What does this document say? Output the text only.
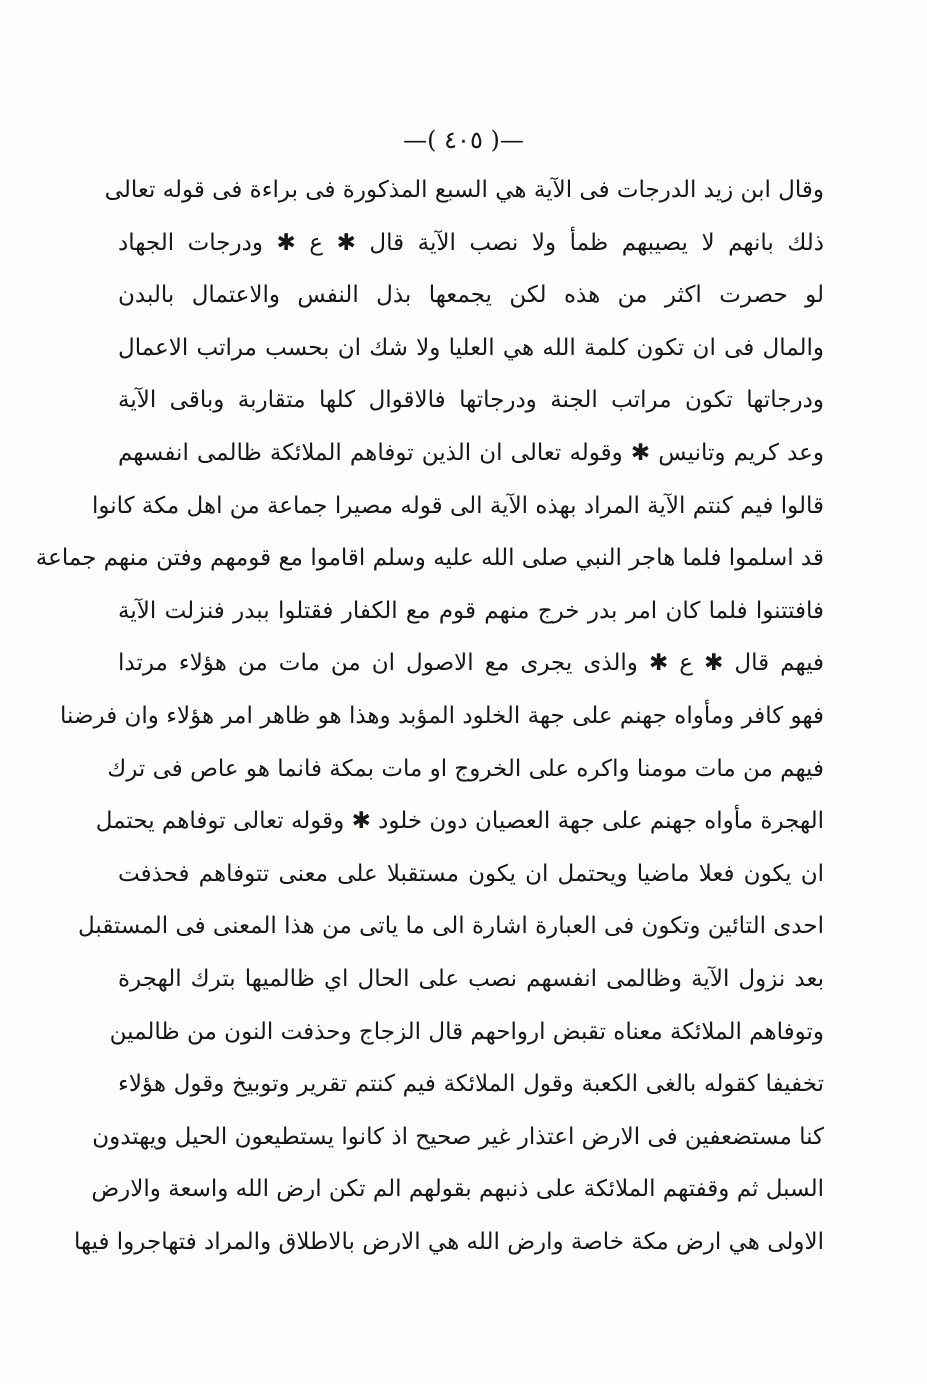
—( ٤٠٥ )—
وقال ابن زيد الدرجات فى الآية هي السبع المذكورة فى براءة فى قوله تعالى
ذلك بانهم لا يصيبهم ظمأ ولا نصب الآية قال ✱ ع ✱ ودرجات الجهاد
لو حصرت اكثر من هذه لكن يجمعها بذل النفس والاعتمال بالبدن
والمال فى ان تكون كلمة الله هي العليا ولا شك ان بحسب مراتب الاعمال
ودرجاتها تكون مراتب الجنة ودرجاتها فالاقوال كلها متقاربة وباقى الآية
وعد كريم وتانيس ✱ وقوله تعالى ان الذين توفاهم الملائكة ظالمى انفسهم
قالوا فيم كنتم الآية المراد بهذه الآية الى قوله مصيرا جماعة من اهل مكة كانوا
قد اسلموا فلما هاجر النبي صلى الله عليه وسلم اقاموا مع قومهم وفتن منهم جماعة
فافتتنوا فلما كان امر بدر خرج منهم قوم مع الكفار فقتلوا ببدر فنزلت الآية
فيهم قال ✱ ع ✱ والذى يجرى مع الاصول ان من مات من هؤلاء مرتدا
فهو كافر ومأواه جهنم على جهة الخلود المؤبد وهذا هو ظاهر امر هؤلاء وان فرضنا
فيهم من مات مومنا واكره على الخروج او مات بمكة فانما هو عاص فى ترك
الهجرة مأواه جهنم على جهة العصيان دون خلود ✱ وقوله تعالى توفاهم يحتمل
ان يكون فعلا ماضيا ويحتمل ان يكون مستقبلا على معنى تتوفاهم فحذفت
احدى التائين وتكون فى العبارة اشارة الى ما ياتى من هذا المعنى فى المستقبل
بعد نزول الآية وظالمى انفسهم نصب على الحال اي ظالميها بترك الهجرة
وتوفاهم الملائكة معناه تقبض ارواحهم قال الزجاج وحذفت النون من ظالمين
تخفيفا كقوله بالغى الكعبة وقول الملائكة فيم كنتم تقرير وتوبيخ وقول هؤلاء
كنا مستضعفين فى الارض اعتذار غير صحيح اذ كانوا يستطيعون الحيل ويهتدون
السبل ثم وقفتهم الملائكة على ذنبهم بقولهم الم تكن ارض الله واسعة والارض
الاولى هي ارض مكة خاصة وارض الله هي الارض بالاطلاق والمراد فتهاجروا فيها
